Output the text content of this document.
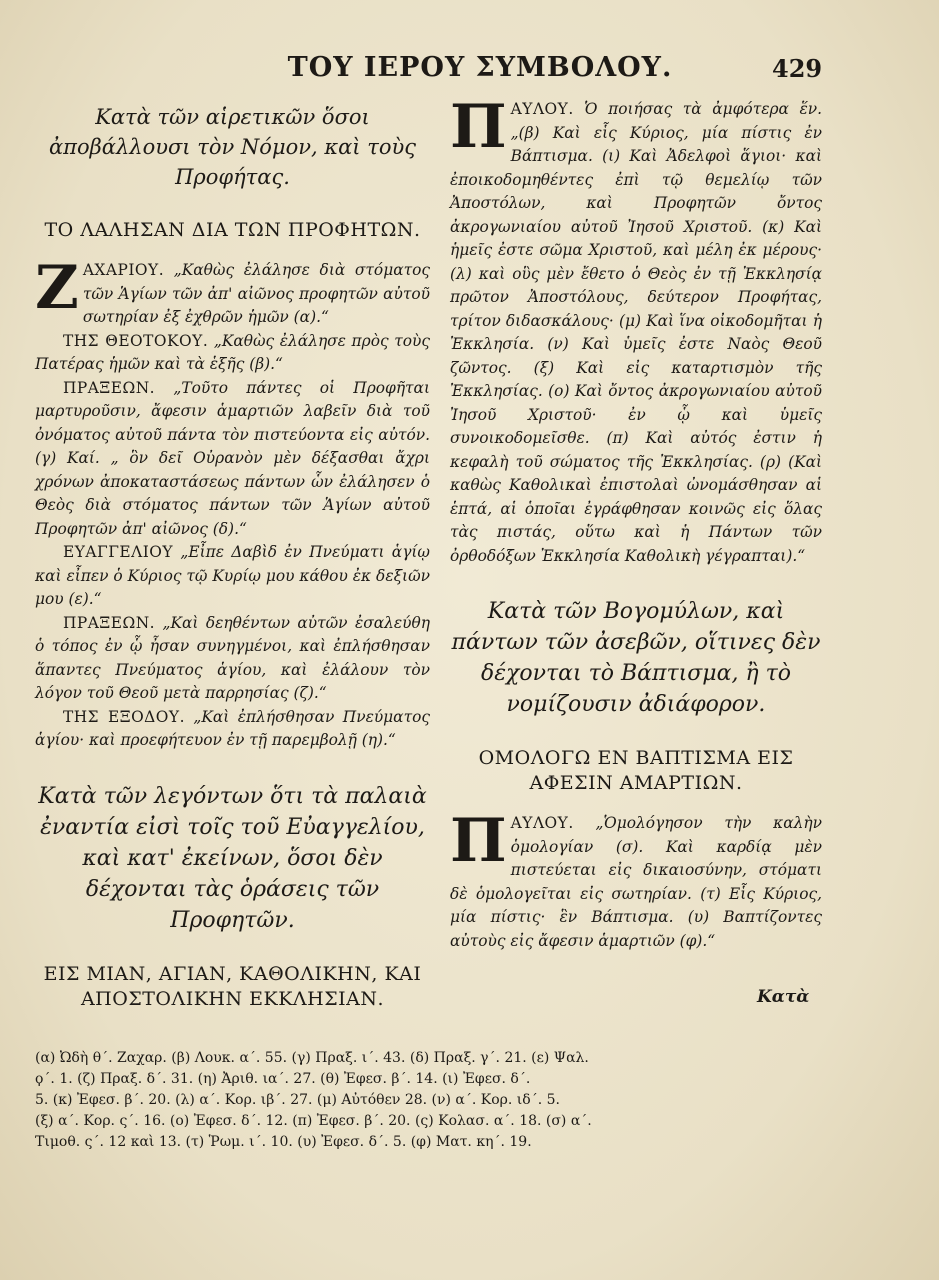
ΤΟΥ ΙΕΡΟΥ ΣΥΜΒΟΛΟΥ.	429

Κατὰ τῶν αἱρετικῶν ὅσοι ἀποβάλλουσι τὸν Νόμον, καὶ τοὺς Προφήτας.

ΤΟ ΛΑΛΗΣΑΝ ΔΙΑ ΤΩΝ ΠΡΟΦΗΤΩΝ.

ΖΑΧΑΡΙΟΥ. „Καθὼς ἐλάλησε διὰ στόματος τῶν Ἁγίων τῶν ἀπ' αἰῶνος προφητῶν αὐτοῦ σωτηρίαν ἐξ ἐχθρῶν ἡμῶν (α).“

ΤΗΣ ΘΕΟΤΟΚΟΥ. „Καθὼς ἐλάλησε πρὸς τοὺς Πατέρας ἡμῶν καὶ τὰ ἑξῆς (β).“

ΠΡΑΞΕΩΝ. „Τοῦτο πάντες οἱ Προφῆται μαρτυροῦσιν, ἄφεσιν ἁμαρτιῶν λαβεῖν διὰ τοῦ ὀνόματος αὐτοῦ πάντα τὸν πιστεύοντα εἰς αὐτόν. (γ) Καί. „ ὃν δεῖ Οὐρανὸν μὲν δέξασθαι ἄχρι χρόνων ἀποκαταστάσεως πάντων ὧν ἐλάλησεν ὁ Θεὸς διὰ στόματος πάντων τῶν Ἁγίων αὐτοῦ Προφητῶν ἀπ' αἰῶνος (δ).“

ΕΥΑΓΓΕΛΙΟΥ „Εἶπε Δαβὶδ ἐν Πνεύματι ἁγίῳ καὶ εἶπεν ὁ Κύριος τῷ Κυρίῳ μου κάθου ἐκ δεξιῶν μου (ε).“

ΠΡΑΞΕΩΝ. „Καὶ δεηθέντων αὐτῶν ἐσαλεύθη ὁ τόπος ἐν ᾧ ἦσαν συνηγμένοι, καὶ ἐπλήσθησαν ἅπαντες Πνεύματος ἁγίου, καὶ ἐλάλουν τὸν λόγον τοῦ Θεοῦ μετὰ παρρησίας (ζ).“

ΤΗΣ ΕΞΟΔΟΥ. „Καὶ ἐπλήσθησαν Πνεύματος ἁγίου· καὶ προεφήτευον ἐν τῇ παρεμβολῇ (η).“

Κατὰ τῶν λεγόντων ὅτι τὰ παλαιὰ ἐναντία εἰσὶ τοῖς τοῦ Εὐαγγελίου, καὶ κατ' ἐκείνων, ὅσοι δὲν δέχονται τὰς ὁράσεις τῶν Προφητῶν.

ΕΙΣ ΜΙΑΝ, ΑΓΙΑΝ, ΚΑΘΟΛΙΚΗΝ, ΚΑΙ ΑΠΟΣΤΟΛΙΚΗΝ ΕΚΚΛΗΣΙΑΝ.

ΠΑΥΛΟΥ. Ὁ ποιήσας τὰ ἀμφότερα ἕν. „(β) Καὶ εἷς Κύριος, μία πίστις ἐν Βάπτισμα. (ι) Καὶ Ἀδελφοὶ ἅγιοι· καὶ ἐποικοδομηθέντες ἐπὶ τῷ θεμελίῳ τῶν Ἀποστόλων, καὶ Προφητῶν ὄντος ἀκρογωνιαίου αὐτοῦ Ἰησοῦ Χριστοῦ. (κ) Καὶ ἡμεῖς ἐστε σῶμα Χριστοῦ, καὶ μέλη ἐκ μέρους· (λ) καὶ οὓς μὲν ἔθετο ὁ Θεὸς ἐν τῇ Ἐκκλησίᾳ πρῶτον Ἀποστόλους, δεύτερον Προφήτας, τρίτον διδασκάλους· (μ) Καὶ ἵνα οἰκοδομῆται ἡ Ἐκκλησία. (ν) Καὶ ὑμεῖς ἐστε Ναὸς Θεοῦ ζῶντος. (ξ) Καὶ εἰς καταρτισμὸν τῆς Ἐκκλησίας. (ο) Καὶ ὄντος ἀκρογωνιαίου αὐτοῦ Ἰησοῦ Χριστοῦ· ἐν ᾧ καὶ ὑμεῖς συνοικοδομεῖσθε. (π) Καὶ αὐτός ἐστιν ἡ κεφαλὴ τοῦ σώματος τῆς Ἐκκλησίας. (ρ) (Καὶ καθὼς Καθολικαὶ ἐπιστολαὶ ὠνομάσθησαν αἱ ἑπτά, αἱ ὁποῖαι ἐγράφθησαν κοινῶς εἰς ὅλας τὰς πιστάς, οὕτω καὶ ἡ Πάντων τῶν ὀρθοδόξων Ἐκκλησία Καθολικὴ γέγραπται).“

Κατὰ τῶν Βογομύλων, καὶ πάντων τῶν ἀσεβῶν, οἵτινες δὲν δέχονται τὸ Βάπτισμα, ἢ τὸ νομίζουσιν ἀδιάφορον.

ΟΜΟΛΟΓΩ ΕΝ ΒΑΠΤΙΣΜΑ ΕΙΣ ΑΦΕΣΙΝ ΑΜΑΡΤΙΩΝ.

ΠΑΥΛΟΥ. „Ὁμολόγησον τὴν καλὴν ὁμολογίαν (σ). Καὶ καρδίᾳ μὲν πιστεύεται εἰς δικαιοσύνην, στόματι δὲ ὁμολογεῖται εἰς σωτηρίαν. (τ) Εἷς Κύριος, μία πίστις· ἓν Βάπτισμα. (υ) Βαπτίζοντες αὐτοὺς εἰς ἄφεσιν ἁμαρτιῶν (φ).“

Κατὰ

(α) Ὠδὴ θ΄. Ζαχαρ. (β) Λουκ. α΄. 55. (γ) Πραξ. ι΄. 43. (δ) Πραξ. γ΄. 21. (ε) Ψαλ.

ϙ΄. 1. (ζ) Πραξ. δ΄. 31. (η) Ἀριθ. ια΄. 27. (θ) Ἐφεσ. β΄. 14. (ι) Ἐφεσ. δ΄.

5. (κ) Ἐφεσ. β΄. 20. (λ) α΄. Κορ. ιβ΄. 27. (μ) Αὐτόθεν 28. (ν) α΄. Κορ. ιδ΄. 5.

(ξ) α΄. Κορ. ς΄. 16. (ο) Ἐφεσ. δ΄. 12. (π) Ἐφεσ. β΄. 20. (ς) Κολασ. α΄. 18. (σ) α΄.

Τιμοθ. ς΄. 12 καὶ 13. (τ) Ῥωμ. ι΄. 10. (υ) Ἐφεσ. δ΄. 5. (φ) Ματ. κη΄. 19.
